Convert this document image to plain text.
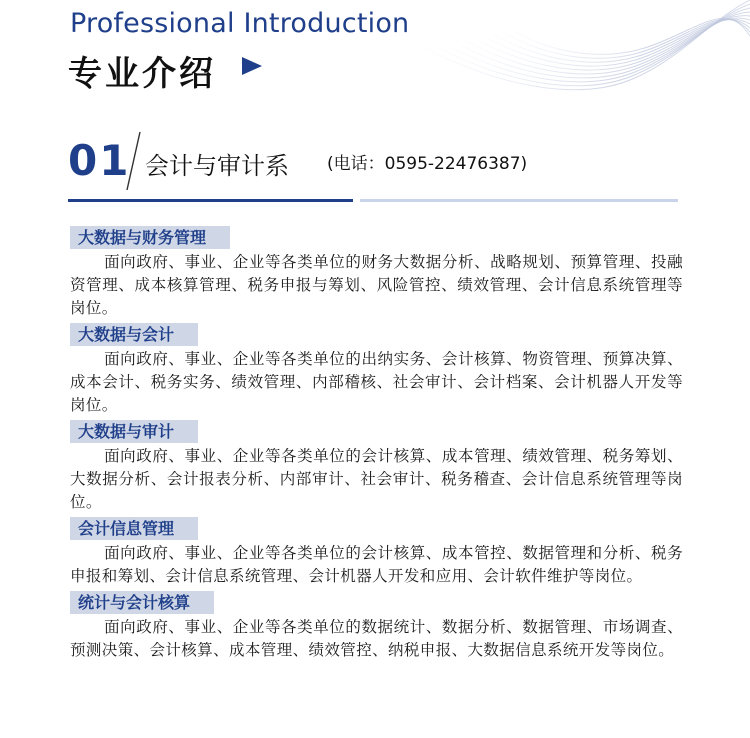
Professional Introduction
专业介绍
01 会计与审计系 (电话：0595-22476387)
大数据与财务管理

面向政府、事业、企业等各类单位的财务大数据分析、战略规划、预算管理、投融资管理、成本核算管理、税务申报与筹划、风险管控、绩效管理、会计信息系统管理等岗位。

大数据与会计

面向政府、事业、企业等各类单位的出纳实务、会计核算、物资管理、预算决算、成本会计、税务实务、绩效管理、内部稽核、社会审计、会计档案、会计机器人开发等岗位。

大数据与审计

面向政府、事业、企业等各类单位的会计核算、成本管理、绩效管理、税务筹划、大数据分析、会计报表分析、内部审计、社会审计、税务稽查、会计信息系统管理等岗位。

会计信息管理

面向政府、事业、企业等各类单位的会计核算、成本管控、数据管理和分析、税务申报和筹划、会计信息系统管理、会计机器人开发和应用、会计软件维护等岗位。

统计与会计核算

面向政府、事业、企业等各类单位的数据统计、数据分析、数据管理、市场调查、预测决策、会计核算、成本管理、绩效管控、纳税申报、大数据信息系统开发等岗位。
